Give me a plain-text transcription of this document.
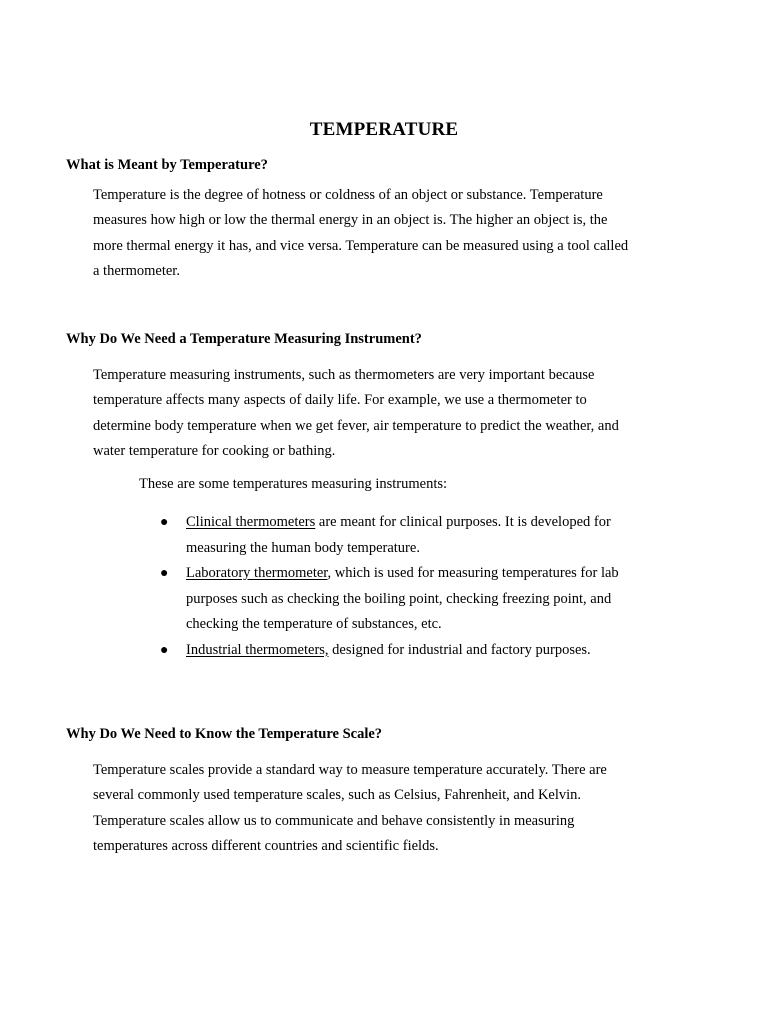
TEMPERATURE
What is Meant by Temperature?
Temperature is the degree of hotness or coldness of an object or substance. Temperature
measures how high or low the thermal energy in an object is. The higher an object is, the
more thermal energy it has, and vice versa. Temperature can be measured using a tool called
a thermometer.
Why Do We Need a Temperature Measuring Instrument?
Temperature measuring instruments, such as thermometers are very important because
temperature affects many aspects of daily life. For example, we use a thermometer to
determine body temperature when we get fever, air temperature to predict the weather, and
water temperature for cooking or bathing.
These are some temperatures measuring instruments:
● Clinical thermometers are meant for clinical purposes. It is developed for
measuring the human body temperature.
● Laboratory thermometer, which is used for measuring temperatures for lab
purposes such as checking the boiling point, checking freezing point, and
checking the temperature of substances, etc.
● Industrial thermometers, designed for industrial and factory purposes.
Why Do We Need to Know the Temperature Scale?
Temperature scales provide a standard way to measure temperature accurately. There are
several commonly used temperature scales, such as Celsius, Fahrenheit, and Kelvin.
Temperature scales allow us to communicate and behave consistently in measuring
temperatures across different countries and scientific fields.
